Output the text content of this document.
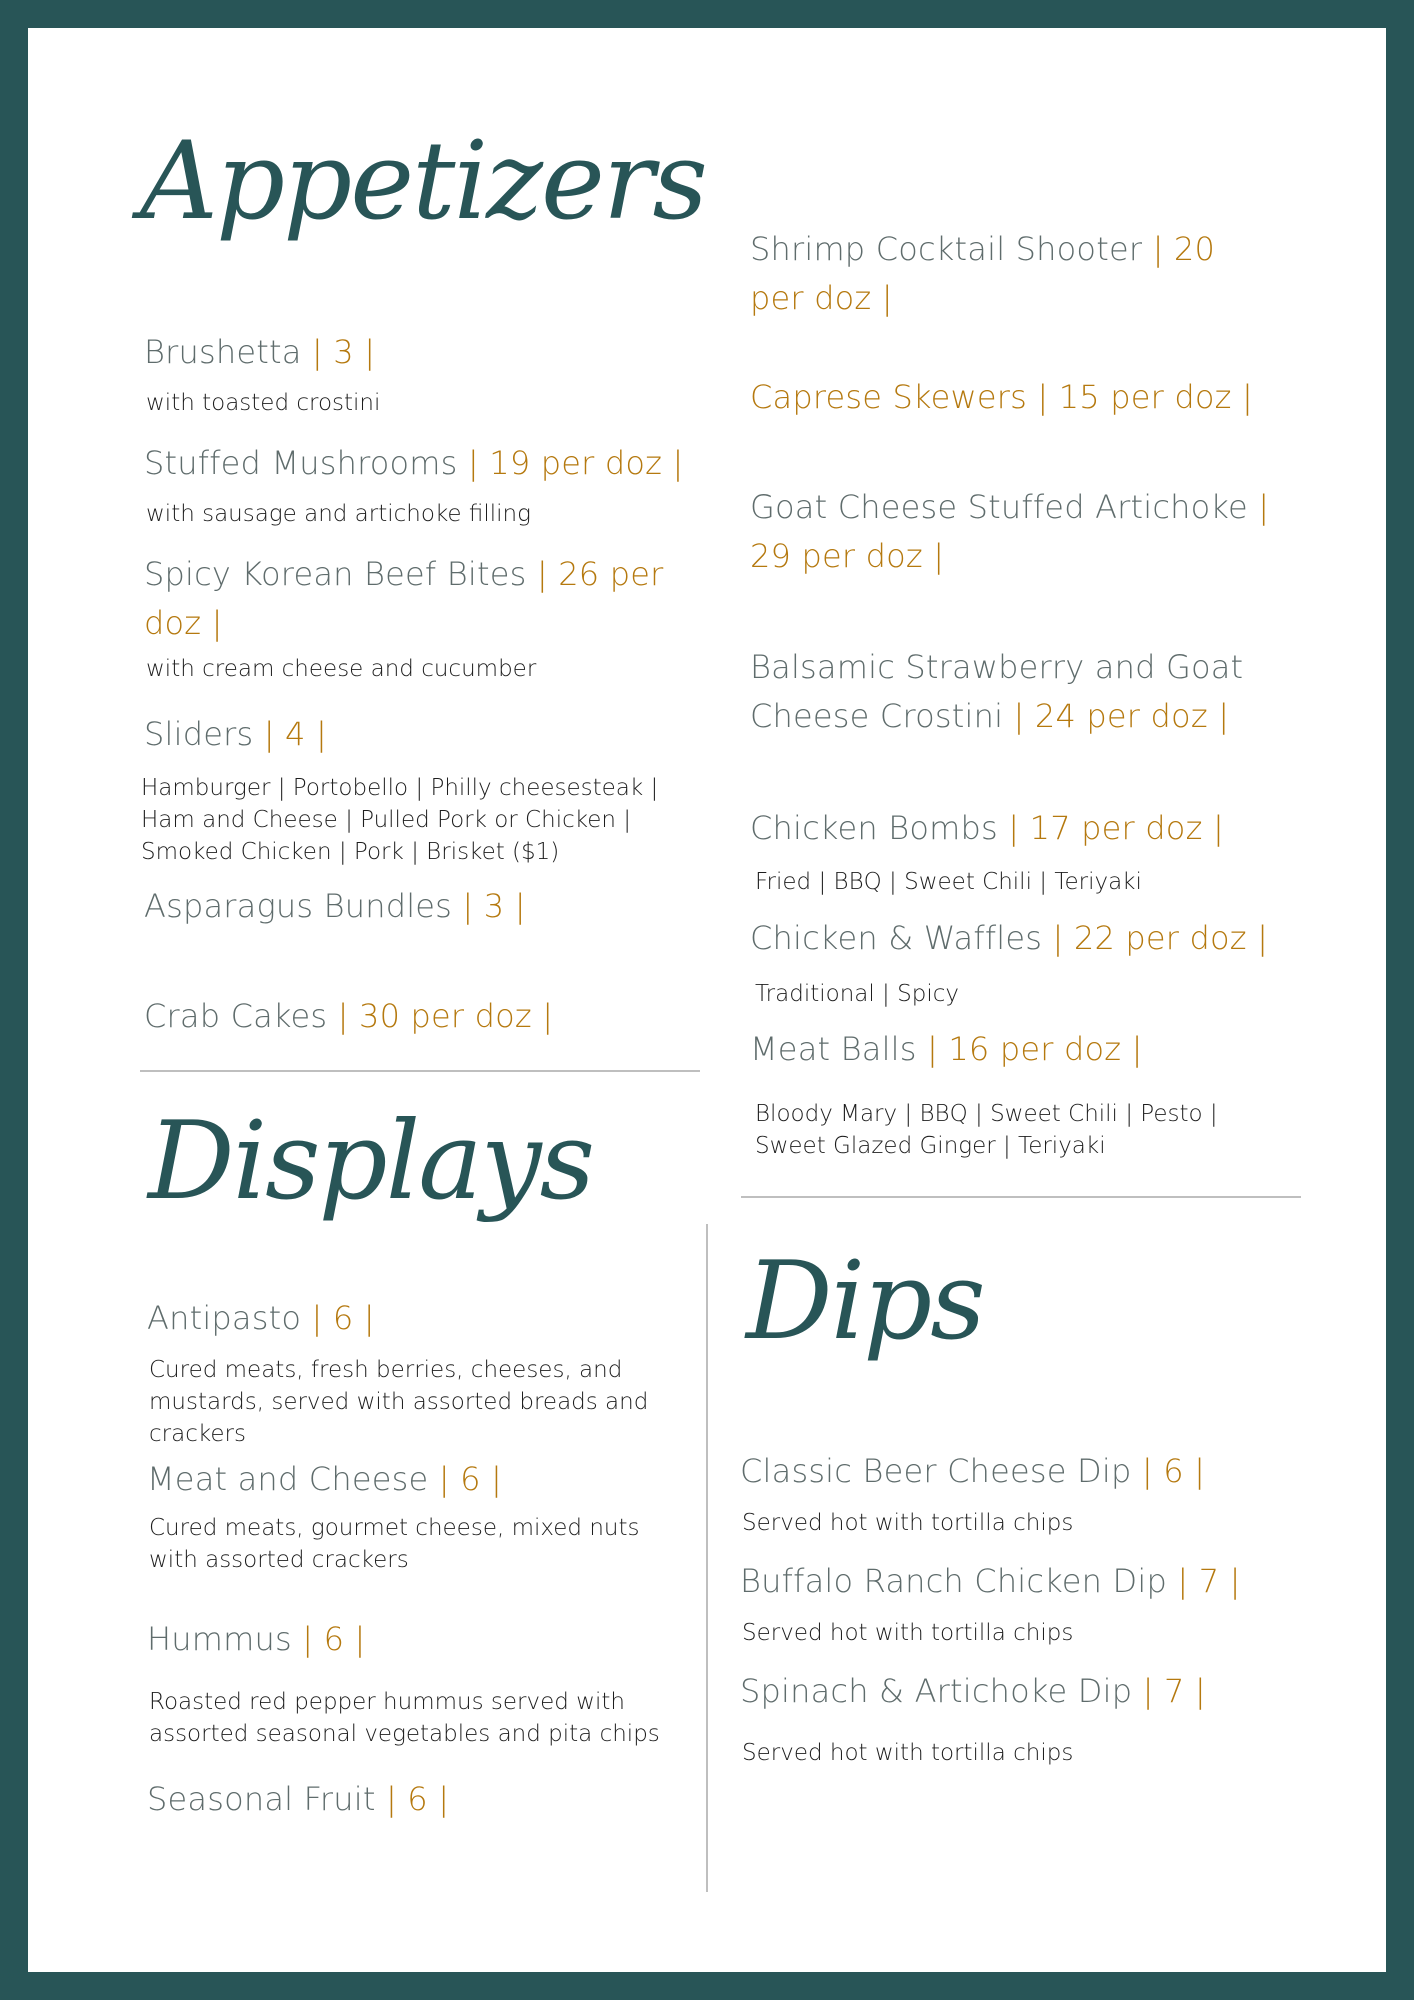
Appetizers
Brushetta | 3 |
with toasted crostini
Stuffed Mushrooms | 19 per doz |
with sausage and artichoke filling
Spicy Korean Beef Bites | 26 per doz |
with cream cheese and cucumber
Sliders | 4 |
Hamburger | Portobello | Philly cheesesteak | Ham and Cheese | Pulled Pork or Chicken | Smoked Chicken | Pork | Brisket ($1)
Asparagus Bundles | 3 |
Crab Cakes | 30 per doz |
Shrimp Cocktail Shooter | 20 per doz |
Caprese Skewers | 15 per doz |
Goat Cheese Stuffed Artichoke | 29 per doz |
Balsamic Strawberry and Goat Cheese Crostini | 24 per doz |
Chicken Bombs | 17 per doz |
Fried | BBQ | Sweet Chili | Teriyaki
Chicken & Waffles | 22 per doz |
Traditional | Spicy
Meat Balls | 16 per doz |
Bloody Mary | BBQ | Sweet Chili | Pesto | Sweet Glazed Ginger | Teriyaki
Displays
Antipasto | 6 |
Cured meats, fresh berries, cheeses, and mustards, served with assorted breads and crackers
Meat and Cheese | 6 |
Cured meats, gourmet cheese, mixed nuts with assorted crackers
Hummus | 6 |
Roasted red pepper hummus served with assorted seasonal vegetables and pita chips
Seasonal Fruit | 6 |
Dips
Classic Beer Cheese Dip | 6 |
Served hot with tortilla chips
Buffalo Ranch Chicken Dip | 7 |
Served hot with tortilla chips
Spinach & Artichoke Dip | 7 |
Served hot with tortilla chips
